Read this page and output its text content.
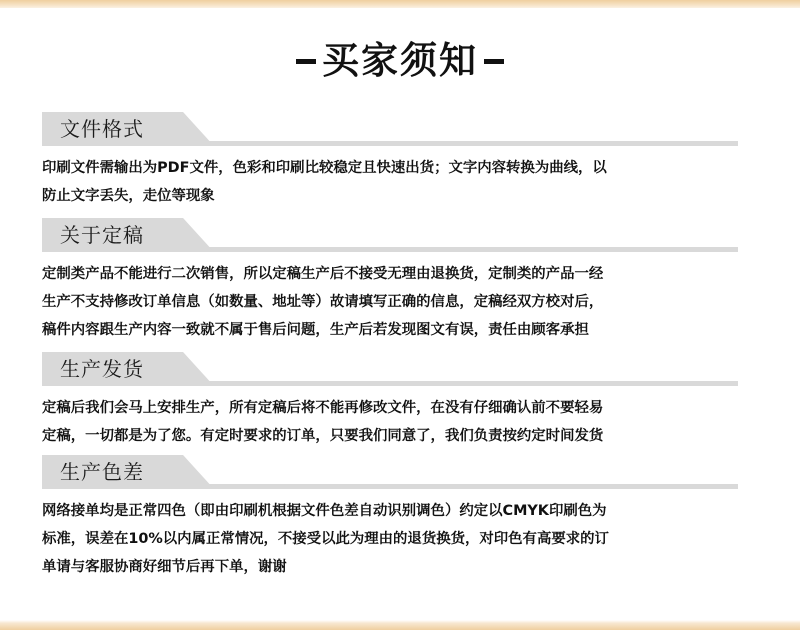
买家须知
文件格式

印刷文件需输出为PDF文件，色彩和印刷比较稳定且快速出货；文字内容转换为曲线，以

防止文字丢失，走位等现象

关于定稿

定制类产品不能进行二次销售，所以定稿生产后不接受无理由退换货，定制类的产品一经

生产不支持修改订单信息（如数量、地址等）故请填写正确的信息，定稿经双方校对后，

稿件内容跟生产内容一致就不属于售后问题，生产后若发现图文有误，责任由顾客承担

生产发货

定稿后我们会马上安排生产，所有定稿后将不能再修改文件，在没有仔细确认前不要轻易

定稿，一切都是为了您。有定时要求的订单，只要我们同意了，我们负责按约定时间发货

生产色差

网络接单均是正常四色（即由印刷机根据文件色差自动识别调色）约定以CMYK印刷色为

标准，误差在10%以内属正常情况，不接受以此为理由的退货换货，对印色有高要求的订

单请与客服协商好细节后再下单，谢谢
